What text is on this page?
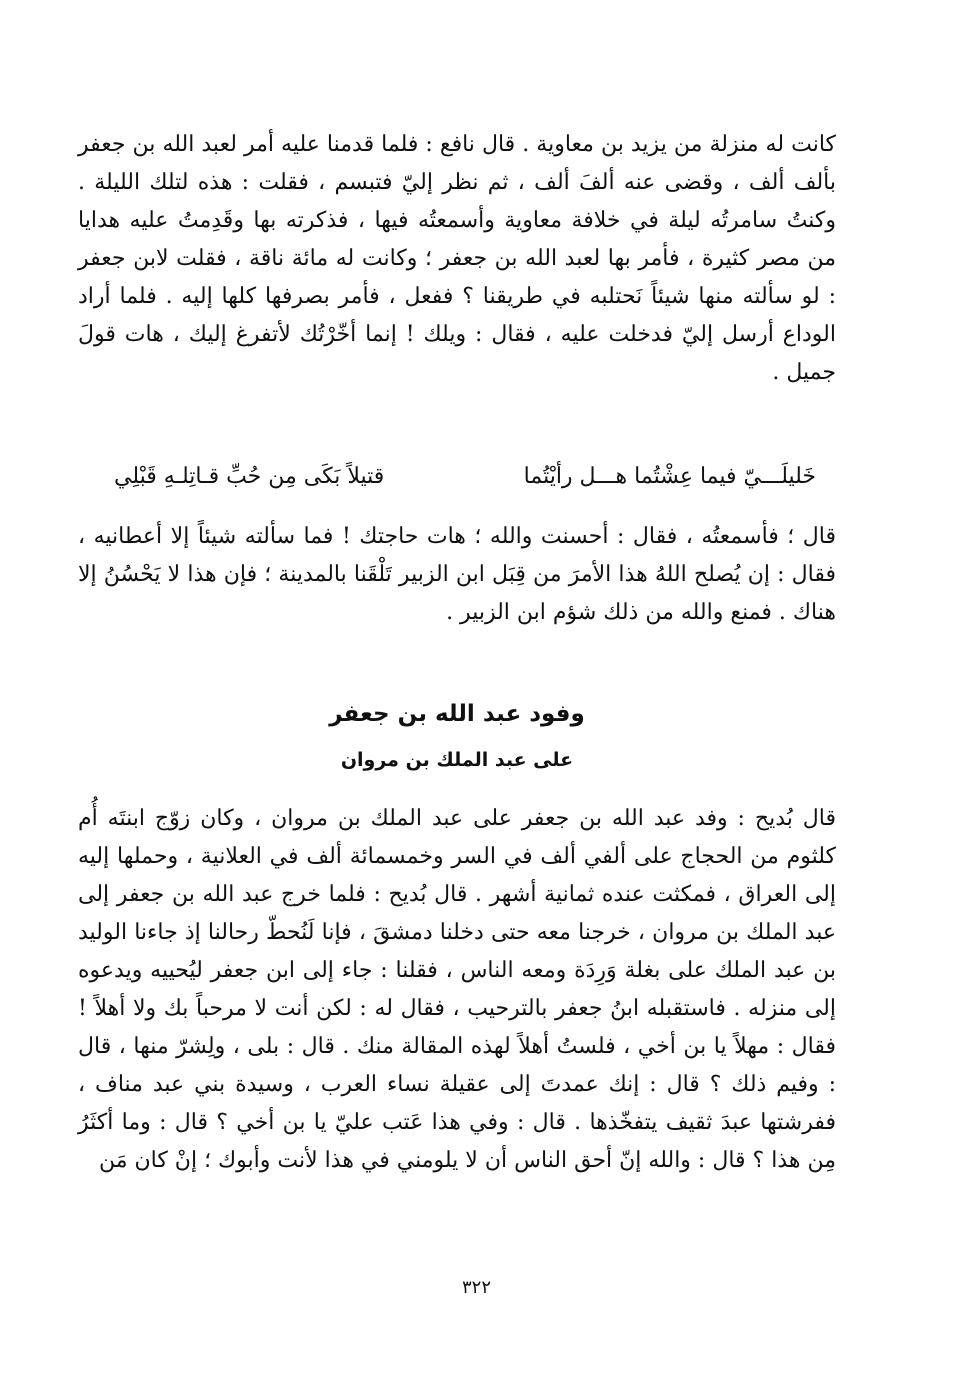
كانت له منزلة من يزيد بن معاوية . قال نافع : فلما قدمنا عليه أمر لعبد الله بن جعفر بألف ألف ، وقضى عنه ألفَ ألف ، ثم نظر إليّ فتبسم ، فقلت : هذه لتلك الليلة . وكنتُ سامرتُه ليلة في خلافة معاوية وأسمعتُه فيها ، فذكرته بها وقَدِمتُ عليه هدايا من مصر كثيرة ، فأمر بها لعبد الله بن جعفر ؛ وكانت له مائة ناقة ، فقلت لابن جعفر : لو سألته منها شيئاً نَحتلبه في طريقنا ؟ ففعل ، فأمر بصرفها كلها إليه . فلما أراد الوداع أرسل إليّ فدخلت عليه ، فقال : ويلك ! إنما أخّرْتُك لأتفرغ إليك ، هات قولَ جميل .

خَليلَـــيّ فيما عِشْتُما هـــل رأيْتُما
قتيلاً بَكَى مِن حُبِّ قـاتِلـهِ قَبْلِي

قال ؛ فأسمعتُه ، فقال : أحسنت والله ؛ هات حاجتك ! فما سألته شيئاً إلا أعطانيه ، فقال : إن يُصلح اللهُ هذا الأمرَ من قِبَل ابن الزبير تَلْقَنا بالمدينة ؛ فإن هذا لا يَحْسُنُ إلا هناك . فمنع والله من ذلك شؤم ابن الزبير .

وفود عبد الله بن جعفر
على عبد الملك بن مروان

قال بُديح : وفد عبد الله بن جعفر على عبد الملك بن مروان ، وكان زوّج ابنتَه أُم كلثوم من الحجاج على ألفي ألف في السر وخمسمائة ألف في العلانية ، وحملها إليه إلى العراق ، فمكثت عنده ثمانية أشهر . قال بُديح : فلما خرج عبد الله بن جعفر إلى عبد الملك بن مروان ، خرجنا معه حتى دخلنا دمشقَ ، فإنا لَنُحطّ رحالنا إذ جاءنا الوليد بن عبد الملك على بغلة وَرِدَة ومعه الناس ، فقلنا : جاء إلى ابن جعفر ليُحييه ويدعوه إلى منزله . فاستقبله ابنُ جعفر بالترحيب ، فقال له : لكن أنت لا مرحباً بك ولا أهلاً ! فقال : مهلاً يا بن أخي ، فلستُ أهلاً لهذه المقالة منك . قال : بلى ، ولِشرّ منها ، قال : وفيم ذلك ؟ قال : إنك عمدتَ إلى عقيلة نساء العرب ، وسيدة بني عبد مناف ، ففرشتها عبدَ ثقيف يتفخّذها . قال : وفي هذا عَتب عليّ يا بن أخي ؟ قال : وما أكثَرُ مِن هذا ؟ قال : والله إنّ أحق الناس أن لا يلومني في هذا لأنت وأبوك ؛ إنْ كان مَن

٣٢٢
